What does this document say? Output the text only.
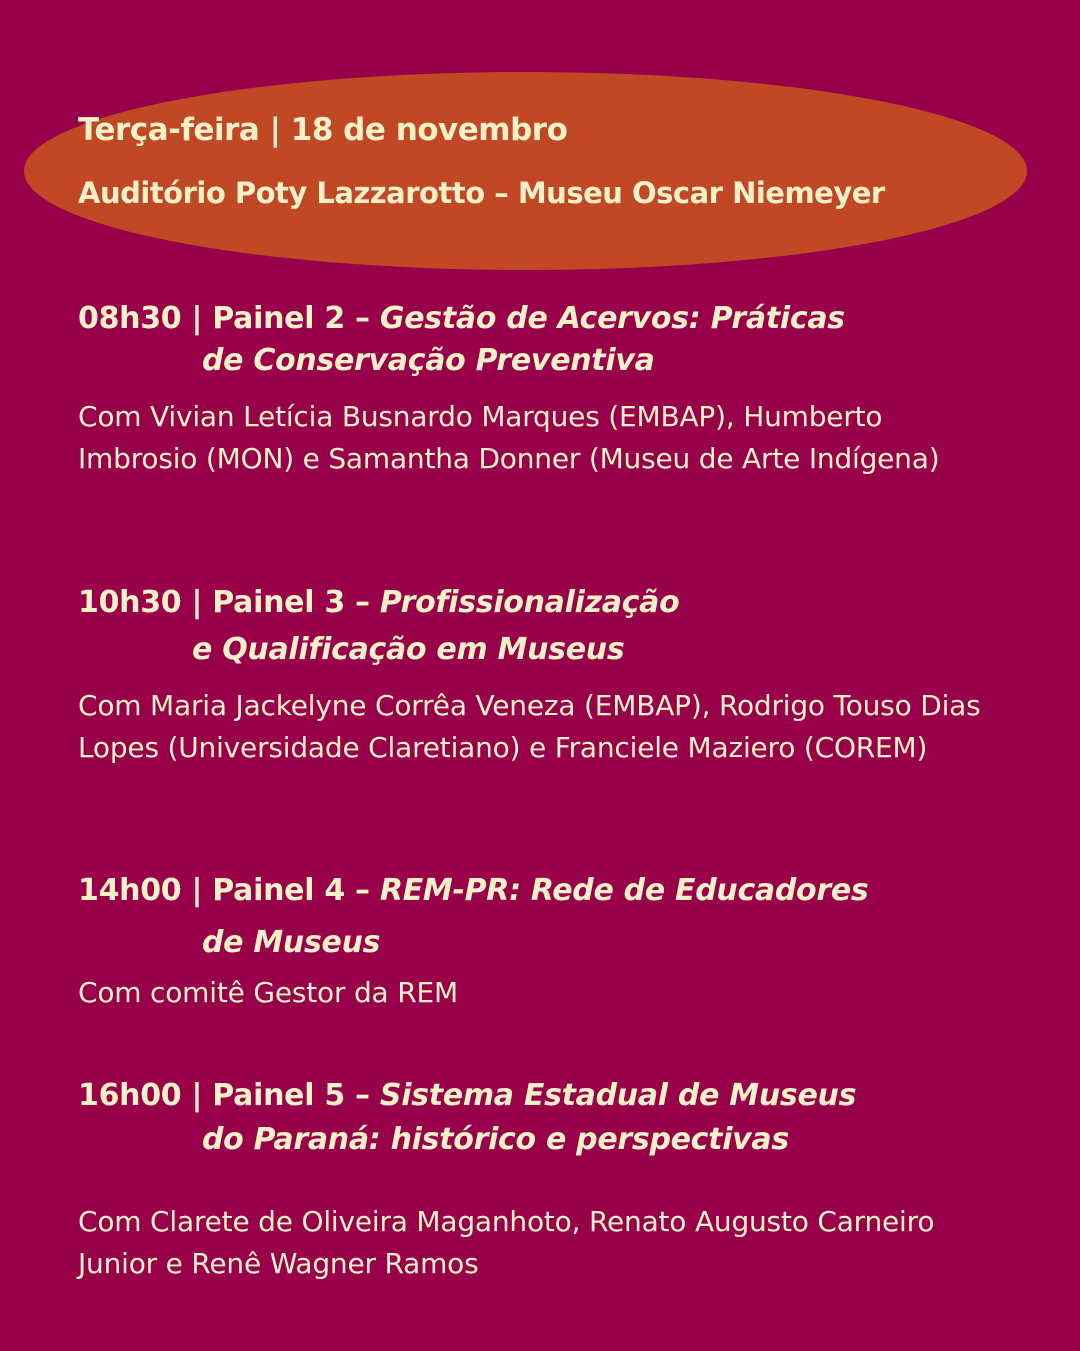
Terça-feira | 18 de novembro
Auditório Poty Lazzarotto – Museu Oscar Niemeyer
08h30 | Painel 2 – Gestão de Acervos: Práticas
de Conservação Preventiva
Com Vivian Letícia Busnardo Marques (EMBAP), Humberto Imbrosio (MON) e Samantha Donner (Museu de Arte Indígena)
10h30 | Painel 3 – Profissionalização
e Qualificação em Museus
Com Maria Jackelyne Corrêa Veneza (EMBAP), Rodrigo Touso Dias Lopes (Universidade Claretiano) e Franciele Maziero (COREM)
14h00 | Painel 4 – REM-PR: Rede de Educadores
de Museus
Com comitê Gestor da REM
16h00 | Painel 5 – Sistema Estadual de Museus
do Paraná: histórico e perspectivas
Com Clarete de Oliveira Maganhoto, Renato Augusto Carneiro Junior e Renê Wagner Ramos
